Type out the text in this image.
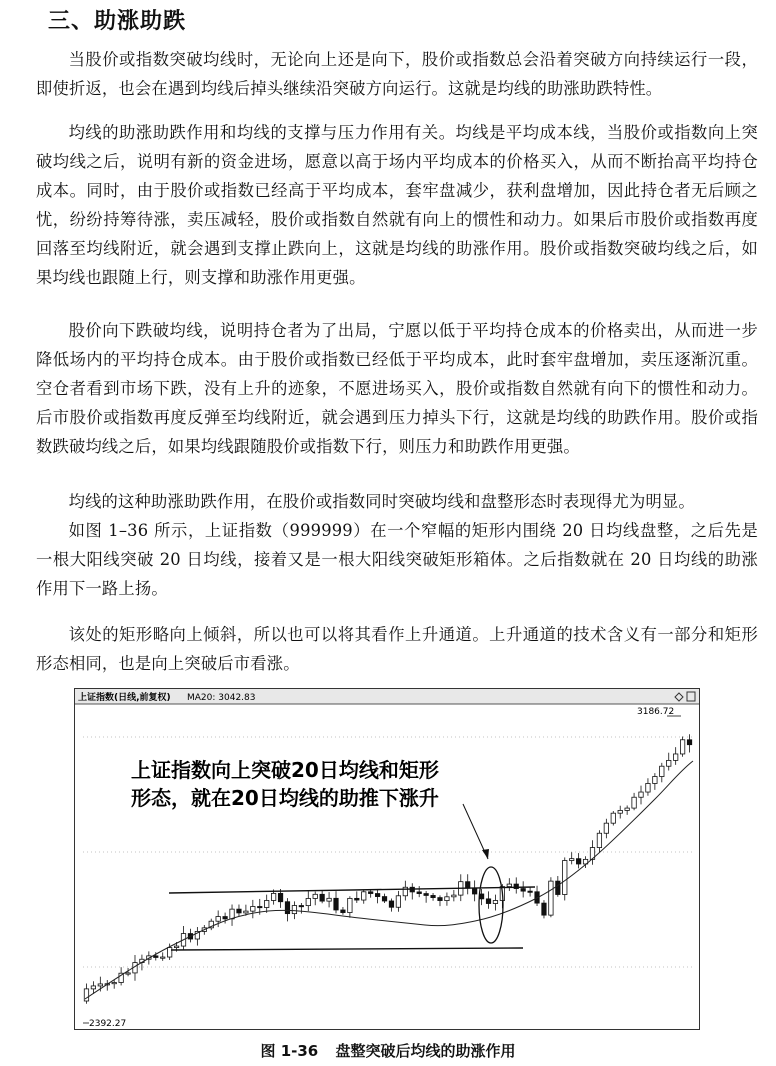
三、助涨助跌

当股价或指数突破均线时，无论向上还是向下，股价或指数总会沿着突破方向持续运行一段，即使折返，也会在遇到均线后掉头继续沿突破方向运行。这就是均线的助涨助跌特性。

均线的助涨助跌作用和均线的支撑与压力作用有关。均线是平均成本线，当股价或指数向上突破均线之后，说明有新的资金进场，愿意以高于场内平均成本的价格买入，从而不断抬高平均持仓成本。同时，由于股价或指数已经高于平均成本，套牢盘减少，获利盘增加，因此持仓者无后顾之忧，纷纷持筹待涨，卖压减轻，股价或指数自然就有向上的惯性和动力。如果后市股价或指数再度回落至均线附近，就会遇到支撑止跌向上，这就是均线的助涨作用。股价或指数突破均线之后，如果均线也跟随上行，则支撑和助涨作用更强。

股价向下跌破均线，说明持仓者为了出局，宁愿以低于平均持仓成本的价格卖出，从而进一步降低场内的平均持仓成本。由于股价或指数已经低于平均成本，此时套牢盘增加，卖压逐渐沉重。空仓者看到市场下跌，没有上升的迹象，不愿进场买入，股价或指数自然就有向下的惯性和动力。后市股价或指数再度反弹至均线附近，就会遇到压力掉头下行，这就是均线的助跌作用。股价或指数跌破均线之后，如果均线跟随股价或指数下行，则压力和助跌作用更强。

均线的这种助涨助跌作用，在股价或指数同时突破均线和盘整形态时表现得尤为明显。

如图 1–36 所示，上证指数（999999）在一个窄幅的矩形内围绕 20 日均线盘整，之后先是一根大阳线突破 20 日均线，接着又是一根大阳线突破矩形箱体。之后指数就在 20 日均线的助涨作用下一路上扬。

该处的矩形略向上倾斜，所以也可以将其看作上升通道。上升通道的技术含义有一部分和矩形形态相同，也是向上突破后市看涨。

上证指数(日线,前复权) MA20: 3042.83
上证指数向上突破20日均线和矩形
形态，就在20日均线的助推下涨升
3186.72
2392.27
图 1-36 盘整突破后均线的助涨作用
